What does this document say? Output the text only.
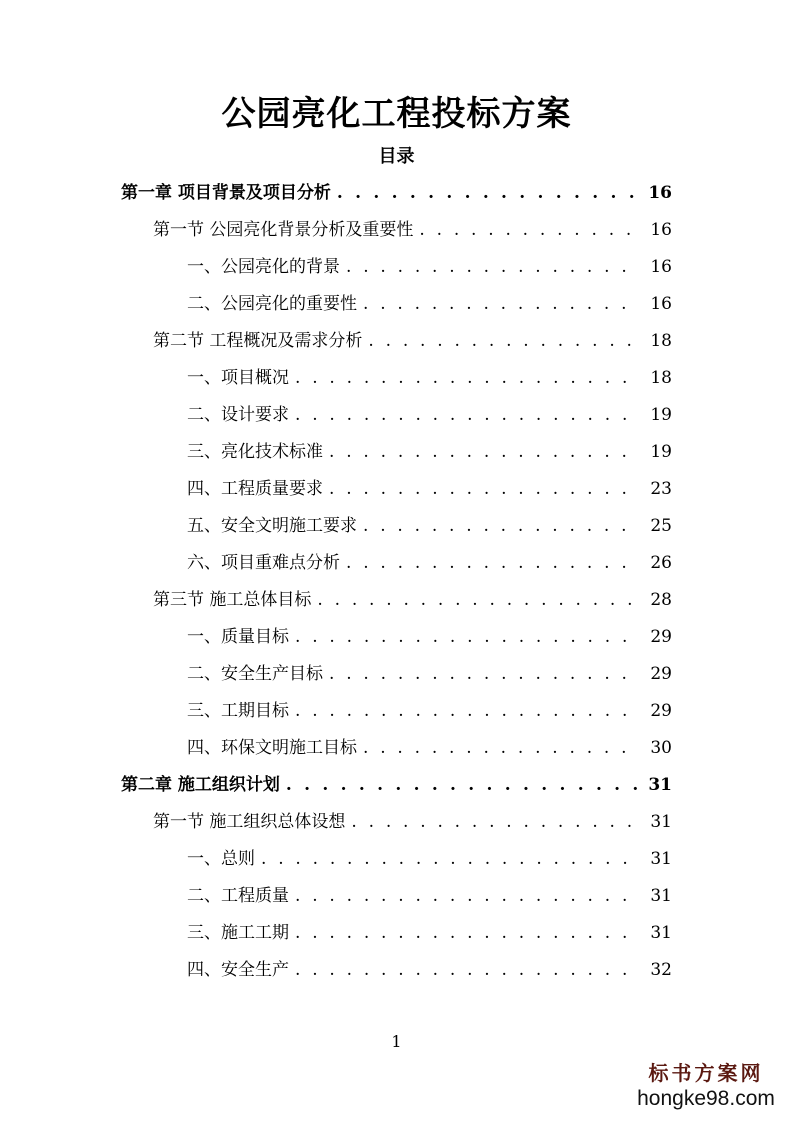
公园亮化工程投标方案
目录
第一章 项目背景及项目分析 . . .	16
第一节 公园亮化背景分析及重要性 . . .	16
一、公园亮化的背景 . . .	16
二、公园亮化的重要性 . . .	16
第二节 工程概况及需求分析 . . .	18
一、项目概况 . . .	18
二、设计要求 . . .	19
三、亮化技术标准 . . .	19
四、工程质量要求 . . .	23
五、安全文明施工要求 . . .	25
六、项目重难点分析 . . .	26
第三节 施工总体目标 . . .	28
一、质量目标 . . .	29
二、安全生产目标 . . .	29
三、工期目标 . . .	29
四、环保文明施工目标 . . .	30
第二章 施工组织计划 . . .	31
第一节 施工组织总体设想 . . .	31
一、总则 . . .	31
二、工程质量 . . .	31
三、施工工期 . . .	31
四、安全生产 . . .	32
1
标书方案网
hongke98.com
